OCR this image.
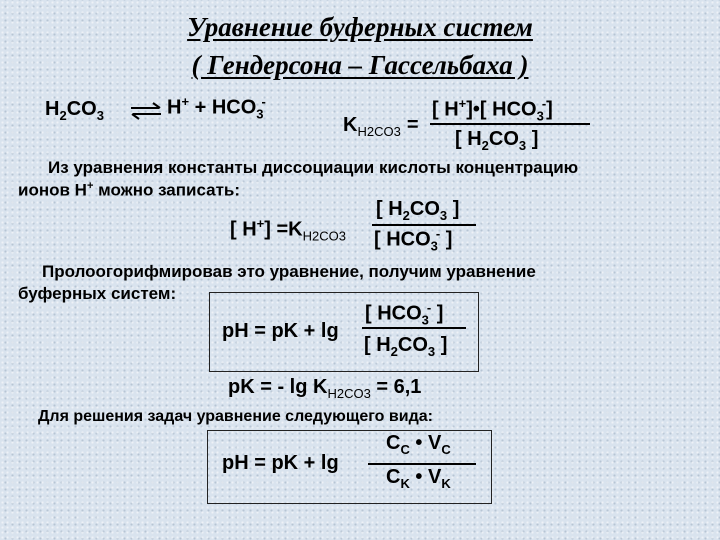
Уравнение буферных систем
( Гендерсона – Гассельбаха )
$H_2CO_3$ ⇌ $H^+ + HCO_3^-$
$K_{H2CO3}$ =
[ H+]•[ $HCO_3^-$]
[ $H_2CO_3$ ]
Из уравнения константы диссоциации кислоты концентрацию
ионов H+ можно записать:
[ $H^+] =K_{H2CO3}$
[ $H_2CO_3$ ]
[ $HCO_3^-$ ]
Пролоогорифмировав это уравнение, получим уравнение
буферных систем:
pH = pK + lg
[ $HCO_3^-$ ]
[ $H_2CO_3$ ]
pK = - $\lg K_{H2CO3} = 6,1$
Для решения задач уравнение следующего вида:
pH = pK + lg
$C_C$ • $V_C$
$C_K$ • $V_K$
